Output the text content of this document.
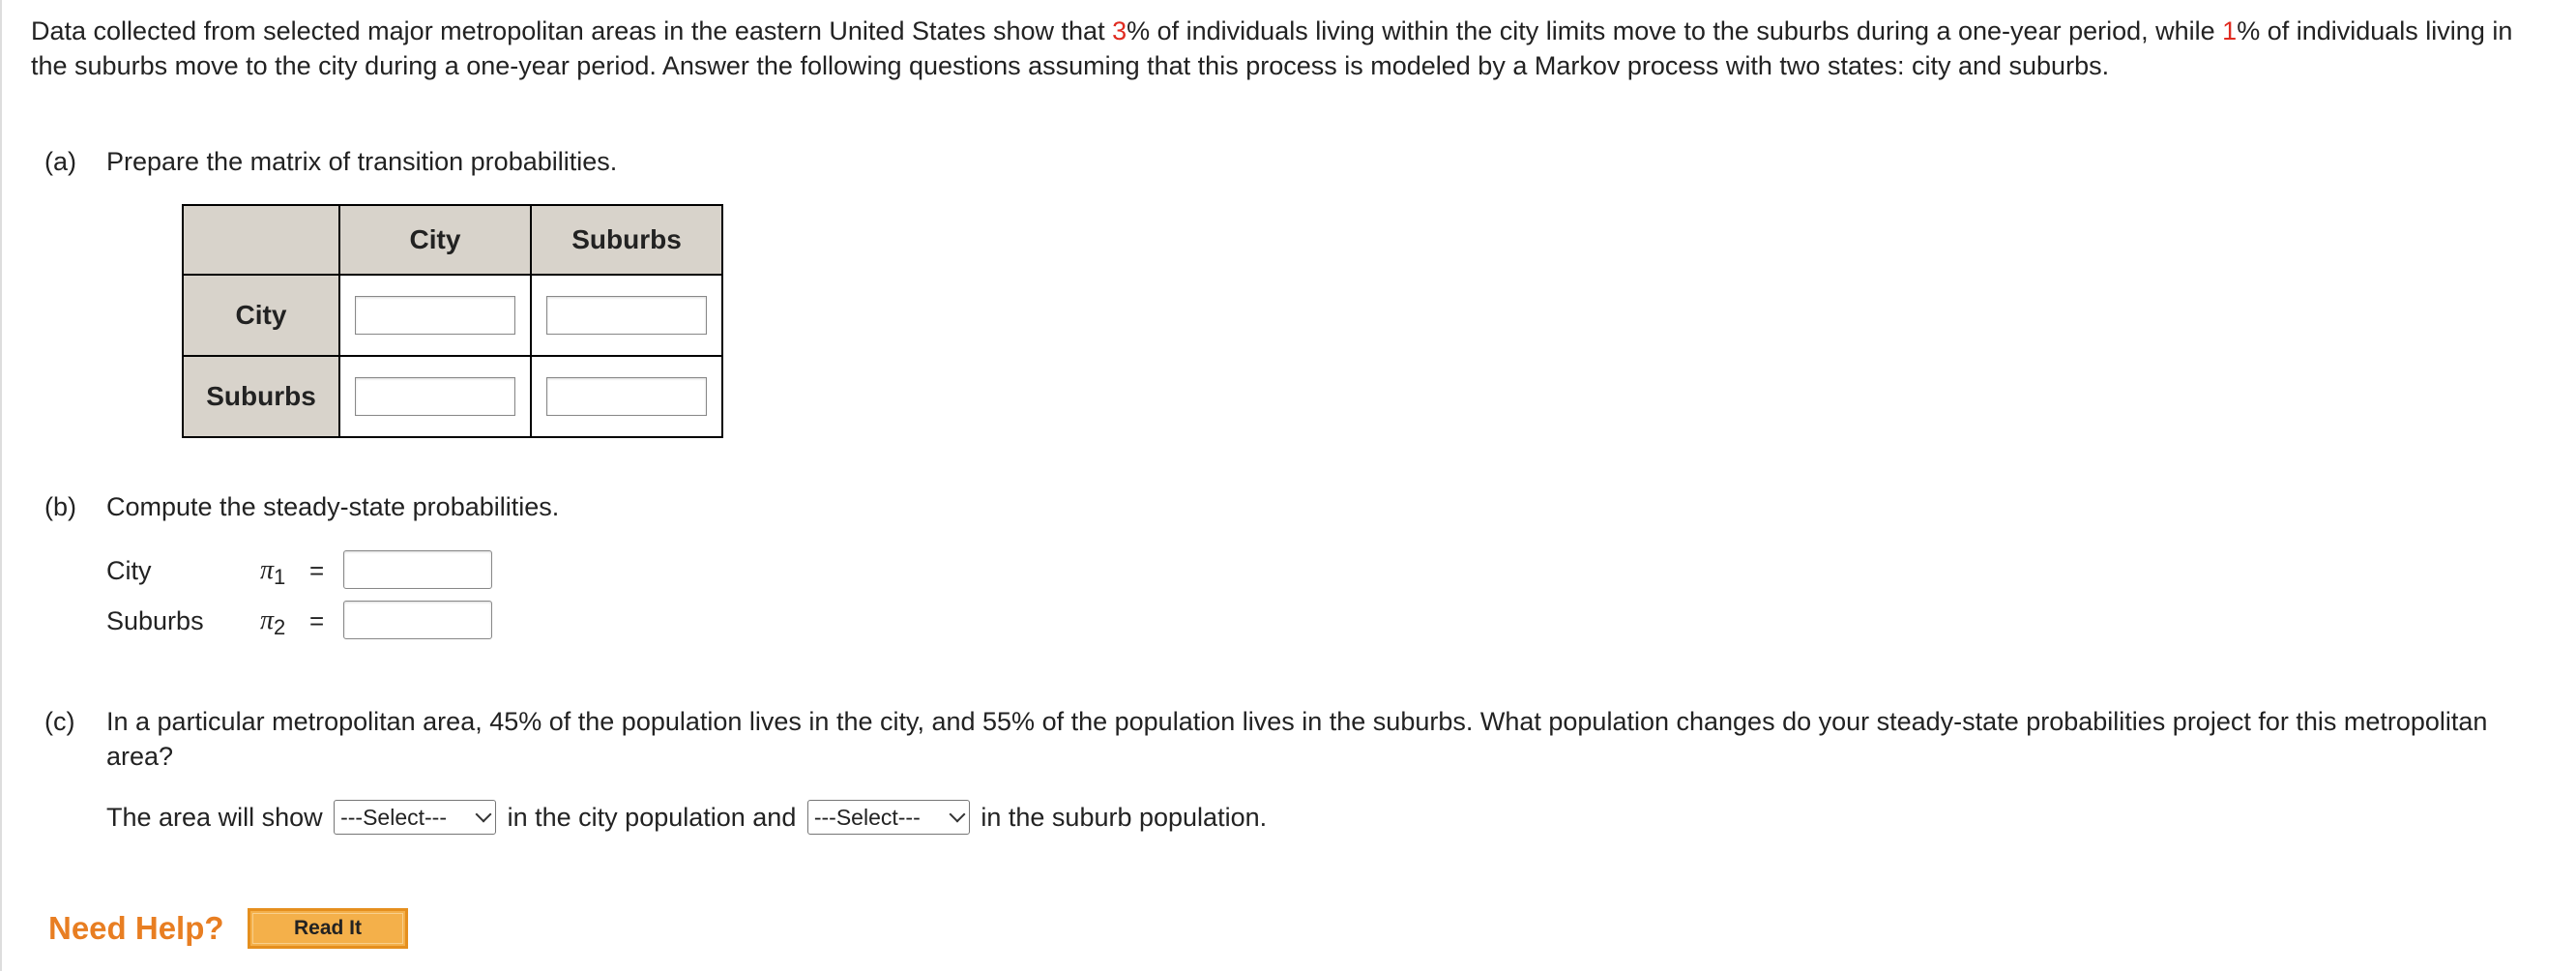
Data collected from selected major metropolitan areas in the eastern United States show that 3% of individuals living within the city limits move to the suburbs during a one-year period, while 1% of individuals living in the suburbs move to the city during a one-year period. Answer the following questions assuming that this process is modeled by a Markov process with two states: city and suburbs.
(a) Prepare the matrix of transition probabilities.
	City	Suburbs
City		
Suburbs		
(b) Compute the steady-state probabilities.
City	$\pi_1$ =
Suburbs $\pi_2$ =
(c) In a particular metropolitan area, 45% of the population lives in the city, and 55% of the population lives in the suburbs. What population changes do your steady-state probabilities project for this metropolitan area?
The area will show ---Select--- in the city population and ---Select--- in the suburb population.
Need Help?	Read It
